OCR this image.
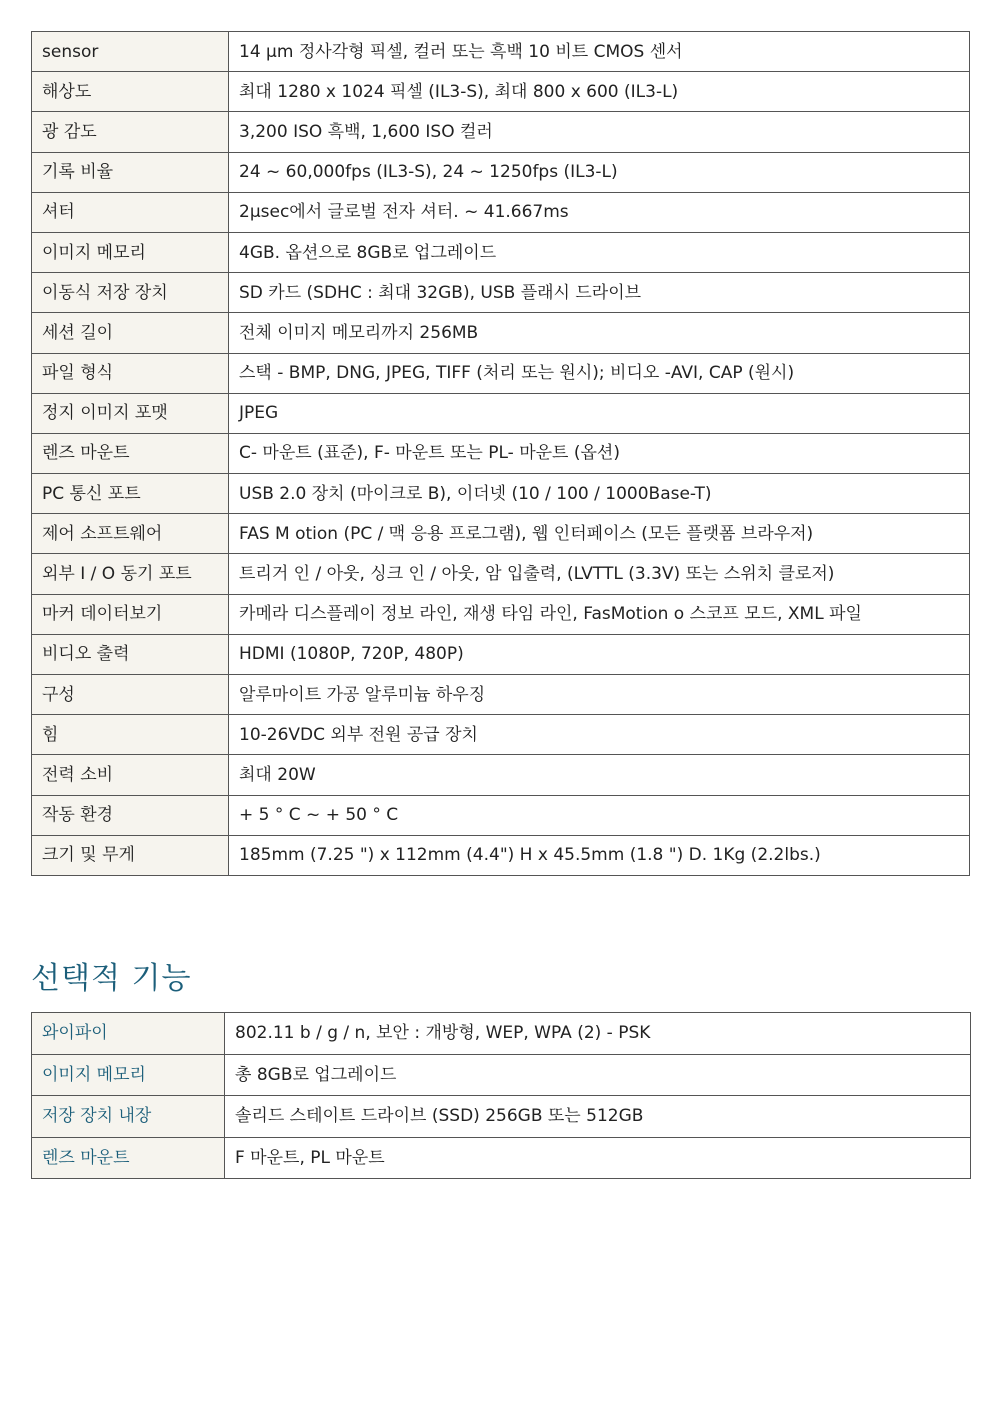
sensor	14 μm 정사각형 픽셀, 컬러 또는 흑백 10 비트 CMOS 센서
해상도	최대 1280 x 1024 픽셀 (IL3-S), 최대 800 x 600 (IL3-L)
광 감도	3,200 ISO 흑백, 1,600 ISO 컬러
기록 비율	24 ~ 60,000fps (IL3-S), 24 ~ 1250fps (IL3-L)
셔터	2μsec에서 글로벌 전자 셔터. ~ 41.667ms
이미지 메모리	4GB. 옵션으로 8GB로 업그레이드
이동식 저장 장치	SD 카드 (SDHC : 최대 32GB), USB 플래시 드라이브
세션 길이	전체 이미지 메모리까지 256MB
파일 형식	스택 - BMP, DNG, JPEG, TIFF (처리 또는 원시); 비디오 -AVI, CAP (원시)
정지 이미지 포맷	JPEG
렌즈 마운트	C- 마운트 (표준), F- 마운트 또는 PL- 마운트 (옵션)
PC 통신 포트	USB 2.0 장치 (마이크로 B), 이더넷 (10 / 100 / 1000Base-T)
제어 소프트웨어	FAS M otion (PC / 맥 응용 프로그램), 웹 인터페이스 (모든 플랫폼 브라우저)
외부 I / O 동기 포트	트리거 인 / 아웃, 싱크 인 / 아웃, 암 입출력, (LVTTL (3.3V) 또는 스위치 클로저)
마커 데이터보기	카메라 디스플레이 정보 라인, 재생 타임 라인, FasMotion o 스코프 모드, XML 파일
비디오 출력	HDMI (1080P, 720P, 480P)
구성	알루마이트 가공 알루미늄 하우징
힘	10-26VDC 외부 전원 공급 장치
전력 소비	최대 20W
작동 환경	+ 5 ° C ~ + 50 ° C
크기 및 무게	185mm (7.25 ") x 112mm (4.4") H x 45.5mm (1.8 ") D. 1Kg (2.2lbs.)
선택적 기능
와이파이	802.11 b / g / n, 보안 : 개방형, WEP, WPA (2) - PSK
이미지 메모리	총 8GB로 업그레이드
저장 장치 내장	솔리드 스테이트 드라이브 (SSD) 256GB 또는 512GB
렌즈 마운트	F 마운트, PL 마운트
